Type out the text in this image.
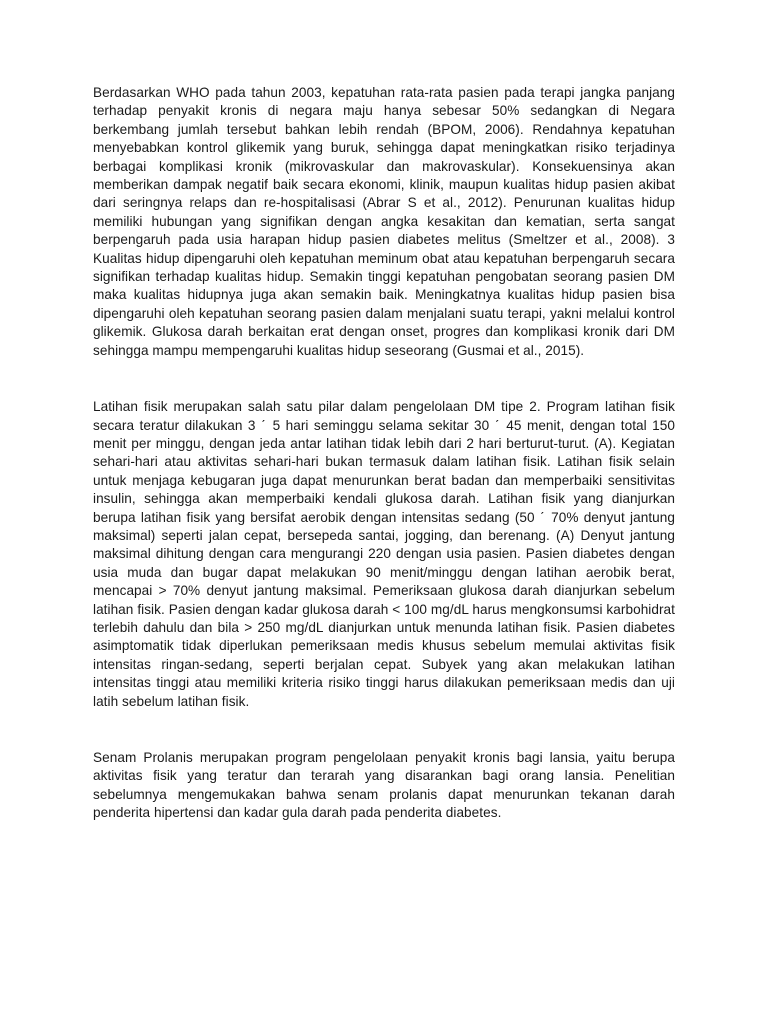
Berdasarkan WHO pada tahun 2003, kepatuhan rata-rata pasien pada terapi jangka panjang terhadap penyakit kronis di negara maju hanya sebesar 50% sedangkan di Negara berkembang jumlah tersebut bahkan lebih rendah (BPOM, 2006). Rendahnya kepatuhan menyebabkan kontrol glikemik yang buruk, sehingga dapat meningkatkan risiko terjadinya berbagai komplikasi kronik (mikrovaskular dan makrovaskular). Konsekuensinya akan memberikan dampak negatif baik secara ekonomi, klinik, maupun kualitas hidup pasien akibat dari seringnya relaps dan re-hospitalisasi (Abrar S et al., 2012). Penurunan kualitas hidup memiliki hubungan yang signifikan dengan angka kesakitan dan kematian, serta sangat berpengaruh pada usia harapan hidup pasien diabetes melitus (Smeltzer et al., 2008). 3 Kualitas hidup dipengaruhi oleh kepatuhan meminum obat atau kepatuhan berpengaruh secara signifikan terhadap kualitas hidup. Semakin tinggi kepatuhan pengobatan seorang pasien DM maka kualitas hidupnya juga akan semakin baik. Meningkatnya kualitas hidup pasien bisa dipengaruhi oleh kepatuhan seorang pasien dalam menjalani suatu terapi, yakni melalui kontrol glikemik. Glukosa darah berkaitan erat dengan onset, progres dan komplikasi kronik dari DM sehingga mampu mempengaruhi kualitas hidup seseorang (Gusmai et al., 2015).

Latihan fisik merupakan salah satu pilar dalam pengelolaan DM tipe 2. Program latihan fisik secara teratur dilakukan 3 ˊ 5 hari seminggu selama sekitar 30 ˊ 45 menit, dengan total 150 menit per minggu, dengan jeda antar latihan tidak lebih dari 2 hari berturut-turut. (A). Kegiatan sehari-hari atau aktivitas sehari-hari bukan termasuk dalam latihan fisik. Latihan fisik selain untuk menjaga kebugaran juga dapat menurunkan berat badan dan memperbaiki sensitivitas insulin, sehingga akan memperbaiki kendali glukosa darah. Latihan fisik yang dianjurkan berupa latihan fisik yang bersifat aerobik dengan intensitas sedang (50 ˊ 70% denyut jantung maksimal) seperti jalan cepat, bersepeda santai, jogging, dan berenang. (A) Denyut jantung maksimal dihitung dengan cara mengurangi 220 dengan usia pasien. Pasien diabetes dengan usia muda dan bugar dapat melakukan 90 menit/minggu dengan latihan aerobik berat, mencapai > 70% denyut jantung maksimal. Pemeriksaan glukosa darah dianjurkan sebelum latihan fisik. Pasien dengan kadar glukosa darah < 100 mg/dL harus mengkonsumsi karbohidrat terlebih dahulu dan bila > 250 mg/dL dianjurkan untuk menunda latihan fisik. Pasien diabetes asimptomatik tidak diperlukan pemeriksaan medis khusus sebelum memulai aktivitas fisik intensitas ringan-sedang, seperti berjalan cepat. Subyek yang akan melakukan latihan intensitas tinggi atau memiliki kriteria risiko tinggi harus dilakukan pemeriksaan medis dan uji latih sebelum latihan fisik.

Senam Prolanis merupakan program pengelolaan penyakit kronis bagi lansia, yaitu berupa aktivitas fisik yang teratur dan terarah yang disarankan bagi orang lansia. Penelitian sebelumnya mengemukakan bahwa senam prolanis dapat menurunkan tekanan darah penderita hipertensi dan kadar gula darah pada penderita diabetes.
